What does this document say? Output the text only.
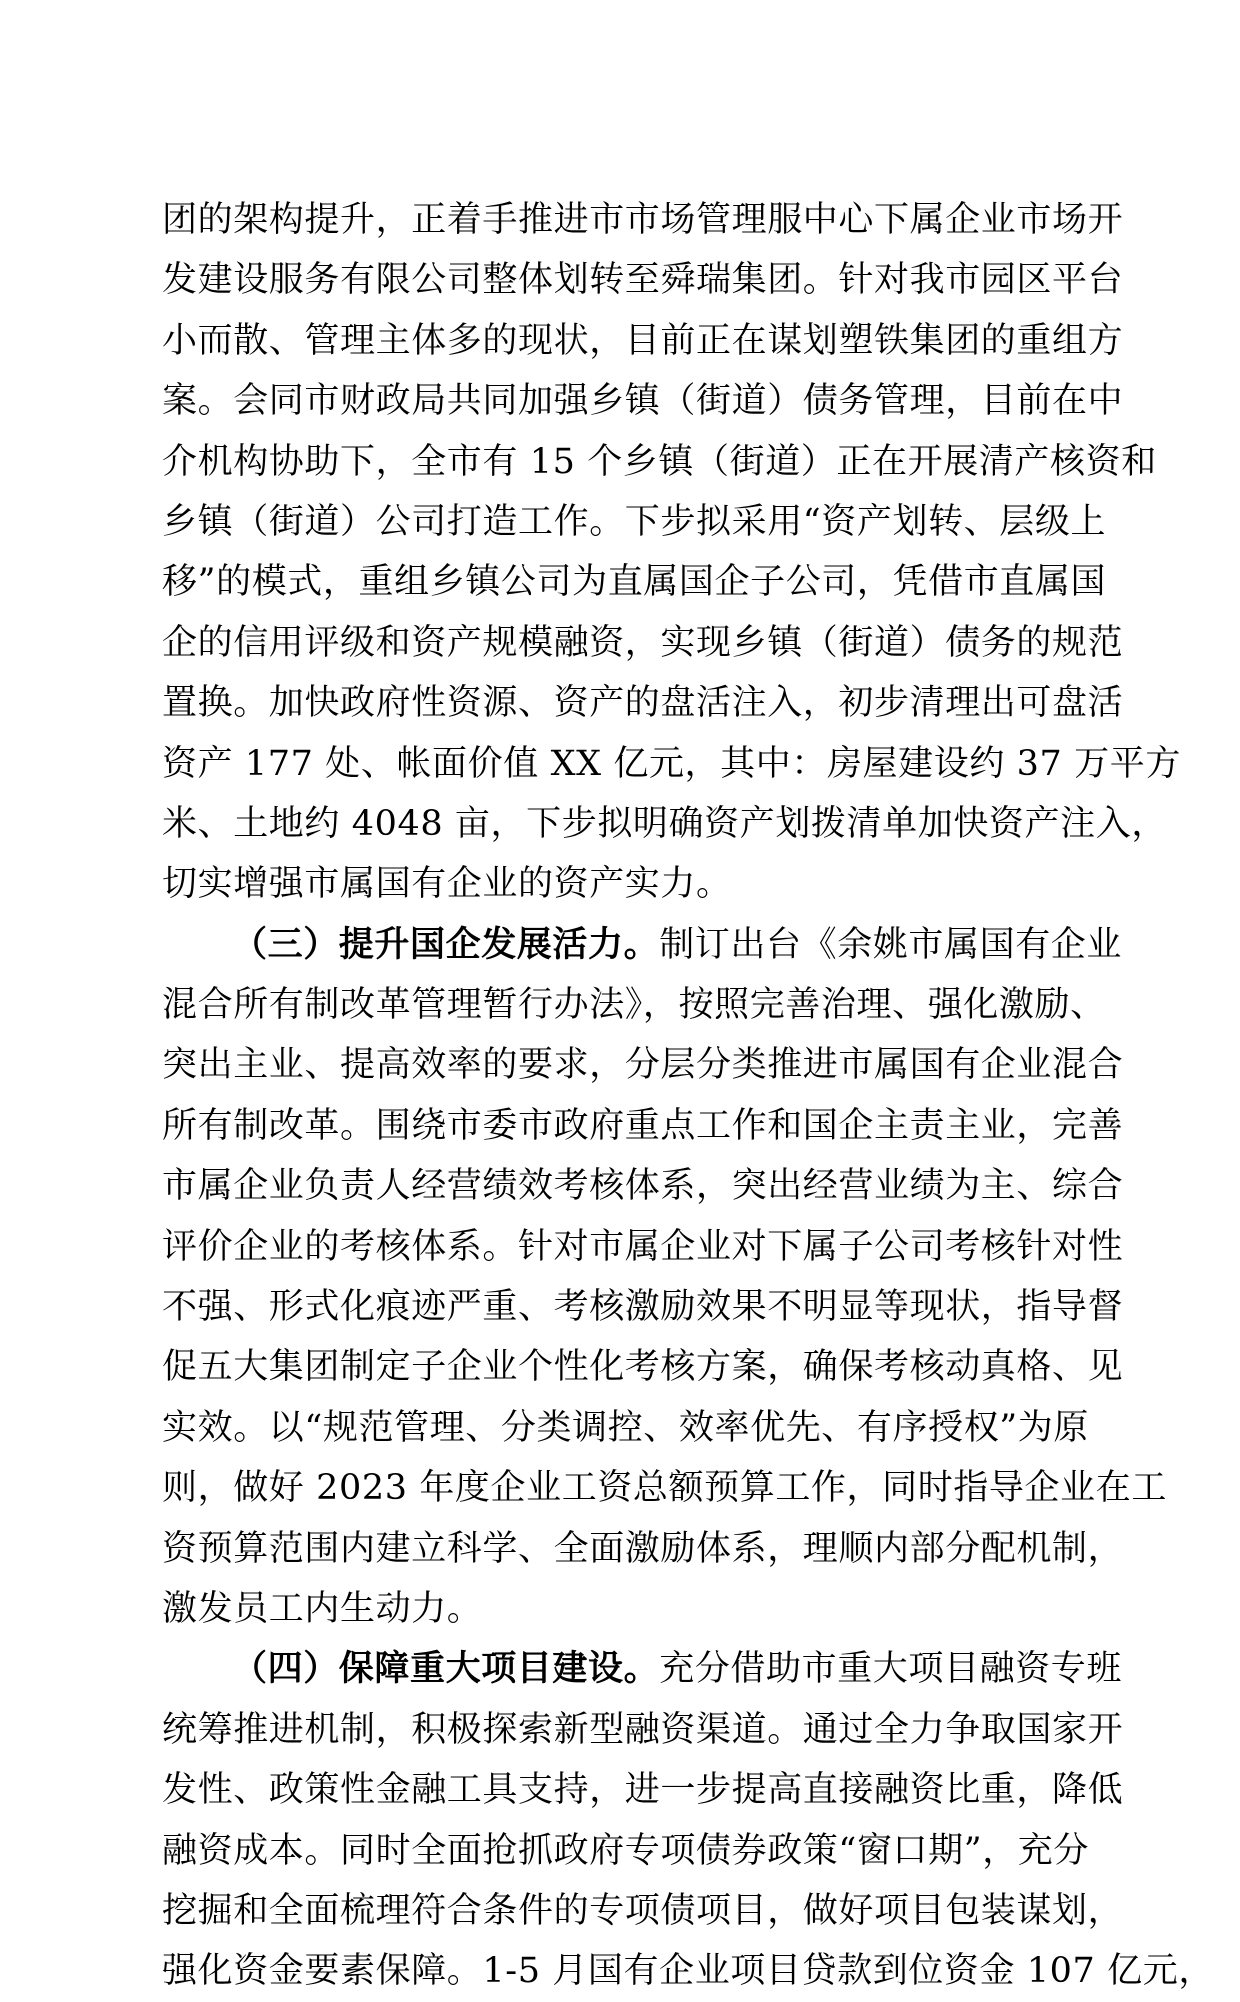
团的架构提升，正着手推进市市场管理服中心下属企业市场开
发建设服务有限公司整体划转至舜瑞集团。针对我市园区平台
小而散、管理主体多的现状，目前正在谋划塑铁集团的重组方
案。会同市财政局共同加强乡镇（街道）债务管理，目前在中
介机构协助下，全市有 15 个乡镇（街道）正在开展清产核资和
乡镇（街道）公司打造工作。下步拟采用“资产划转、层级上
移”的模式，重组乡镇公司为直属国企子公司，凭借市直属国
企的信用评级和资产规模融资，实现乡镇（街道）债务的规范
置换。加快政府性资源、资产的盘活注入，初步清理出可盘活
资产 177 处、帐面价值 XX 亿元，其中：房屋建设约 37 万平方
米、土地约 4048 亩，下步拟明确资产划拨清单加快资产注入，
切实增强市属国有企业的资产实力。
（三）提升国企发展活力。制订出台《余姚市属国有企业
混合所有制改革管理暂行办法》，按照完善治理、强化激励、
突出主业、提高效率的要求，分层分类推进市属国有企业混合
所有制改革。围绕市委市政府重点工作和国企主责主业，完善
市属企业负责人经营绩效考核体系，突出经营业绩为主、综合
评价企业的考核体系。针对市属企业对下属子公司考核针对性
不强、形式化痕迹严重、考核激励效果不明显等现状，指导督
促五大集团制定子企业个性化考核方案，确保考核动真格、见
实效。以“规范管理、分类调控、效率优先、有序授权”为原
则，做好 2023 年度企业工资总额预算工作，同时指导企业在工
资预算范围内建立科学、全面激励体系，理顺内部分配机制，
激发员工内生动力。
（四）保障重大项目建设。充分借助市重大项目融资专班
统筹推进机制，积极探索新型融资渠道。通过全力争取国家开
发性、政策性金融工具支持，进一步提高直接融资比重，降低
融资成本。同时全面抢抓政府专项债券政策“窗口期”，充分
挖掘和全面梳理符合条件的专项债项目，做好项目包装谋划，
强化资金要素保障。1-5 月国有企业项目贷款到位资金 107 亿元，
